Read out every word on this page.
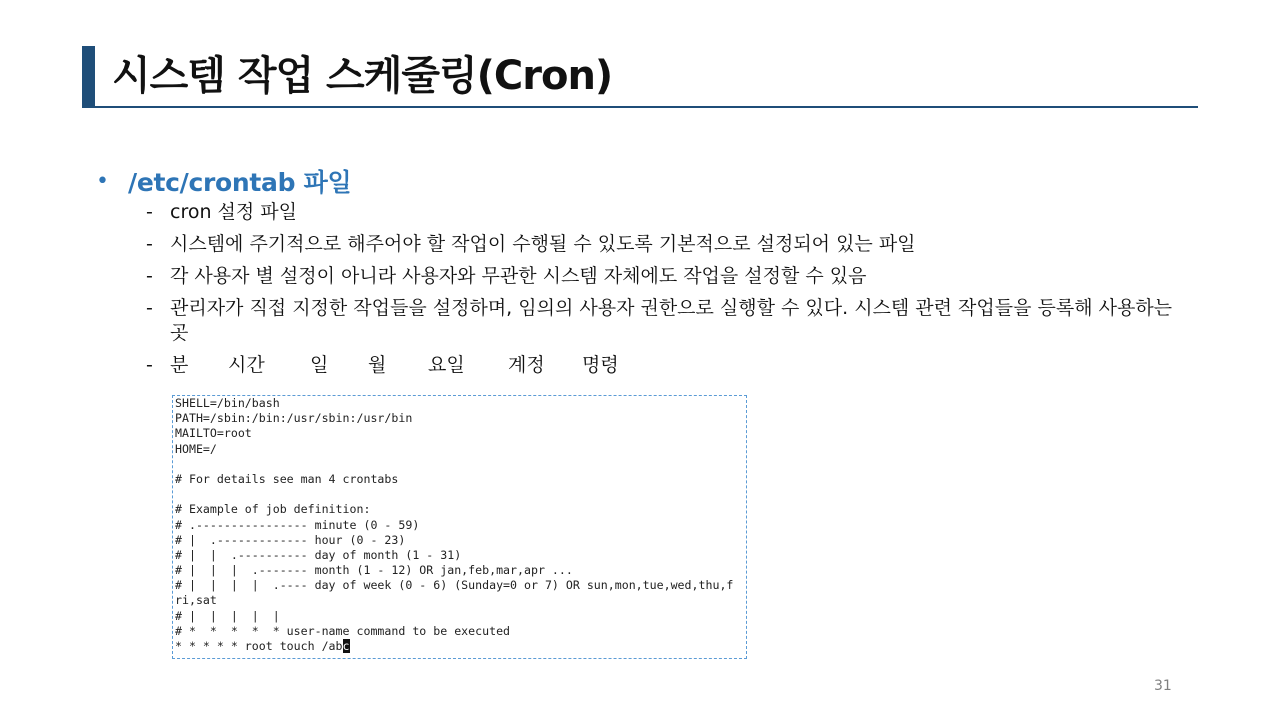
시스템 작업 스케줄링(Cron)
• /etc/crontab 파일
- cron 설정 파일
- 시스템에 주기적으로 해주어야 할 작업이 수행될 수 있도록 기본적으로 설정되어 있는 파일
- 각 사용자 별 설정이 아니라 사용자와 무관한 시스템 자체에도 작업을 설정할 수 있음
- 관리자가 직접 지정한 작업들을 설정하며, 임의의 사용자 권한으로 실행할 수 있다. 시스템 관련 작업들을 등록해 사용하는 곳
- 분	시간	일	월	요일	계정	명령
SHELL=/bin/bash
PATH=/sbin:/bin:/usr/sbin:/usr/bin
MAILTO=root
HOME=/
# For details see man 4 crontabs
# Example of job definition:
# .---------------- minute (0 - 59)
# |  .------------- hour (0 - 23)
# |  |  .---------- day of month (1 - 31)
# |  |  |  .------- month (1 - 12) OR jan,feb,mar,apr ...
# |  |  |  |  .---- day of week (0 - 6) (Sunday=0 or 7) OR sun,mon,tue,wed,thu,f
ri,sat
# |  |  |  |  |
# *  *  *  *  * user-name command to be executed
* * * * * root touch /abc
31
